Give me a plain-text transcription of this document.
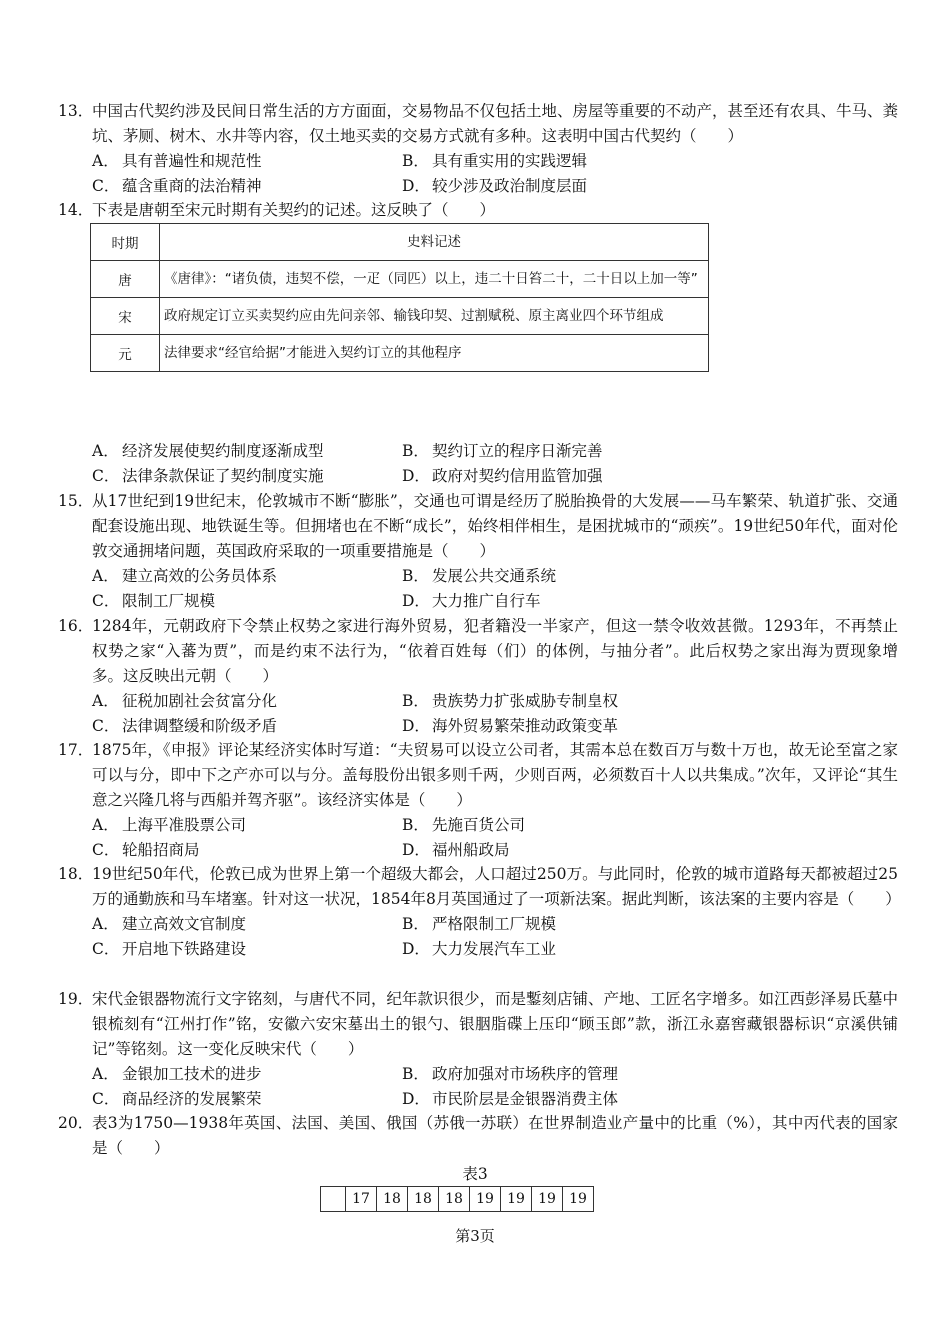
13．
中国古代契约涉及民间日常生活的方方面面，交易物品不仅包括土地、房屋等重要的不动产，甚至还有农具、牛马、粪坑、茅厕、树木、水井等内容，仅土地买卖的交易方式就有多种。这表明中国古代契约（　　）
A． 具有普遍性和规范性	B． 具有重实用的实践逻辑
C． 蕴含重商的法治精神	D． 较少涉及政治制度层面
14．
下表是唐朝至宋元时期有关契约的记述。这反映了（　　）
时期	史料记述
唐	《唐律》：“诸负债，违契不偿，一疋（同匹）以上，违二十日笞二十，二十日以上加一等”
宋	政府规定订立买卖契约应由先问亲邻、输钱印契、过割赋税、原主离业四个环节组成
元	法律要求“经官给据”才能进入契约订立的其他程序
A． 经济发展使契约制度逐渐成型	B． 契约订立的程序日渐完善
C． 法律条款保证了契约制度实施	D． 政府对契约信用监管加强
15．
从17世纪到19世纪末，伦敦城市不断“膨胀”，交通也可谓是经历了脱胎换骨的大发展——马车繁荣、轨道扩张、交通配套设施出现、地铁诞生等。但拥堵也在不断“成长”，始终相伴相生，是困扰城市的“顽疾”。19世纪50年代，面对伦敦交通拥堵问题，英国政府采取的一项重要措施是（　　）
A． 建立高效的公务员体系	B． 发展公共交通系统
C． 限制工厂规模	D． 大力推广自行车
16．
1284年，元朝政府下令禁止权势之家进行海外贸易，犯者籍没一半家产，但这一禁令收效甚微。1293年，不再禁止权势之家“入蕃为贾”，而是约束不法行为，“依着百姓每（们）的体例，与抽分者”。此后权势之家出海为贾现象增多。这反映出元朝（　　）
A． 征税加剧社会贫富分化	B． 贵族势力扩张威胁专制皇权
C． 法律调整缓和阶级矛盾	D． 海外贸易繁荣推动政策变革
17．
1875年，《申报》评论某经济实体时写道：“夫贸易可以设立公司者，其需本总在数百万与数十万也，故无论至富之家可以与分，即中下之产亦可以与分。盖每股份出银多则千两，少则百两，必须数百十人以共集成。”次年，又评论“其生意之兴隆几将与西船并驾齐驱”。该经济实体是（　　）
A． 上海平准股票公司	B． 先施百货公司
C． 轮船招商局	D． 福州船政局
18．
19世纪50年代，伦敦已成为世界上第一个超级大都会，人口超过250万。与此同时，伦敦的城市道路每天都被超过25万的通勤族和马车堵塞。针对这一状况，1854年8月英国通过了一项新法案。据此判断，该法案的主要内容是（　　）
A． 建立高效文官制度	B． 严格限制工厂规模
C． 开启地下铁路建设	D． 大力发展汽车工业
19．
宋代金银器物流行文字铭刻，与唐代不同，纪年款识很少，而是鏨刻店铺、产地、工匠名字增多。如江西彭泽易氏墓中银梳刻有“江州打作”铭，安徽六安宋墓出土的银勺、银胭脂碟上压印“顾玉郎”款，浙江永嘉窖藏银器标识“京溪供铺记”等铭刻。这一变化反映宋代（　　）
A． 金银加工技术的进步	B． 政府加强对市场秩序的管理
C． 商品经济的发展繁荣	D． 市民阶层是金银器消费主体
20．
表3为1750—1938年英国、法国、美国、俄国（苏俄一苏联）在世界制造业产量中的比重（%），其中丙代表的国家是（　　）
表3
	17	18	18	18	19	19	19	19
第3页
